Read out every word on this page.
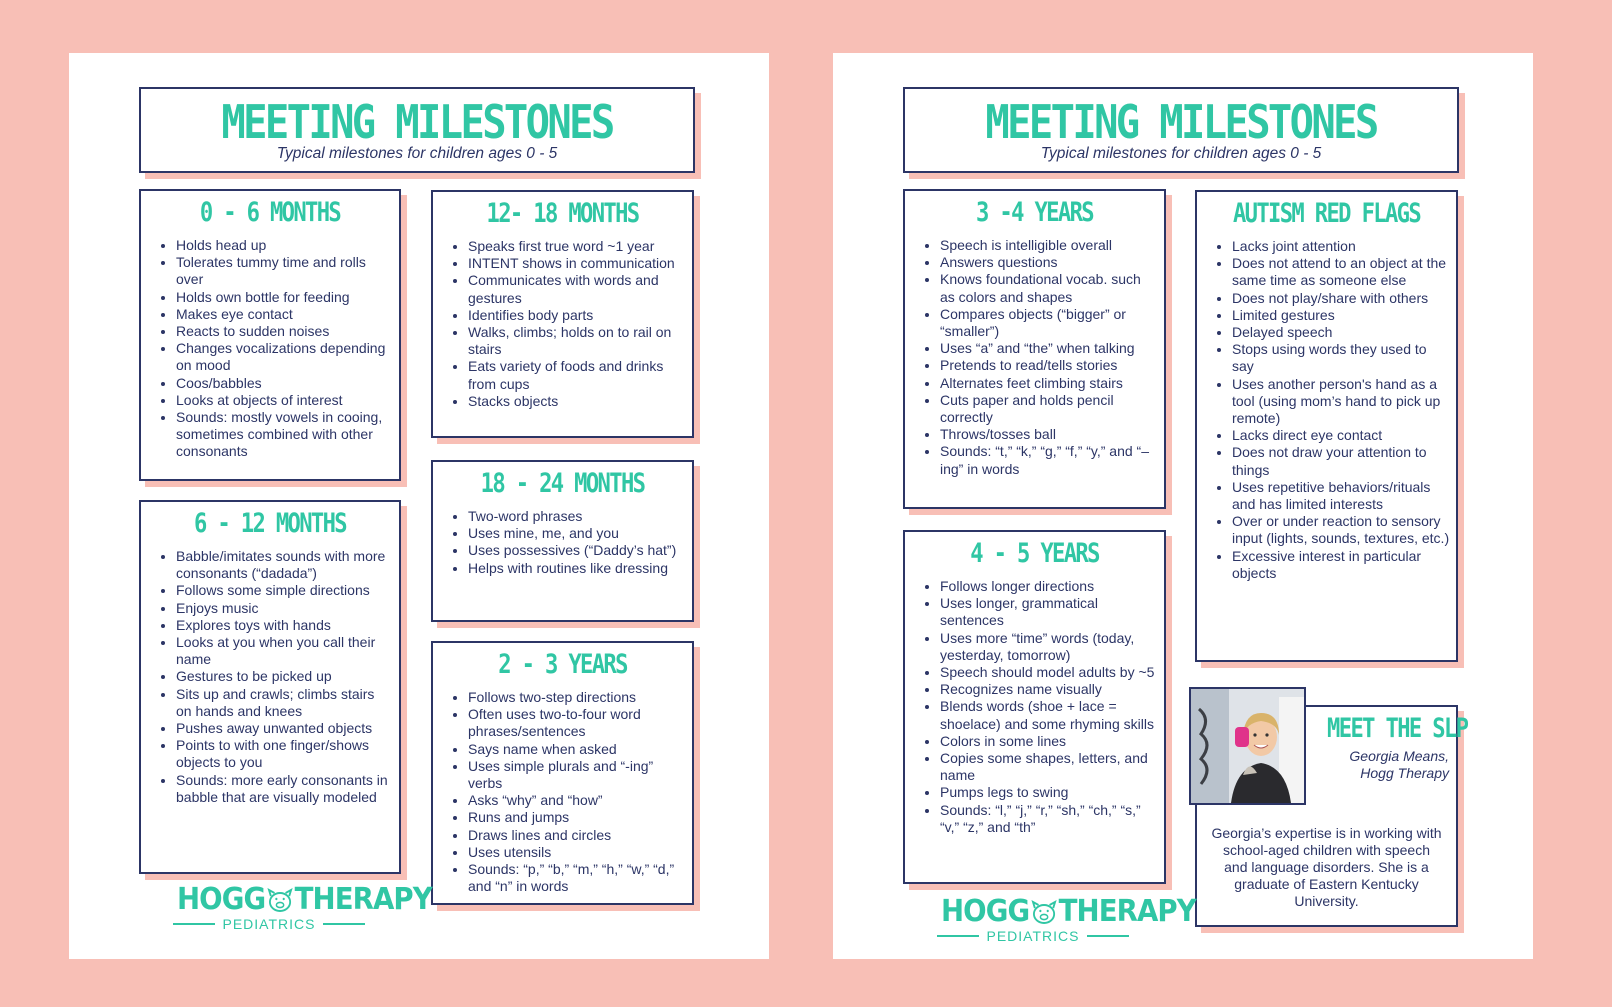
MEETING MILESTONES
Typical milestones for children ages 0 - 5
0 - 6 MONTHS
• Holds head up
• Tolerates tummy time and rolls over
• Holds own bottle for feeding
• Makes eye contact
• Reacts to sudden noises
• Changes vocalizations depending on mood
• Coos/babbles
• Looks at objects of interest
• Sounds: mostly vowels in cooing, sometimes combined with other consonants
6 - 12 MONTHS
• Babble/imitates sounds with more consonants (“dadada”)
• Follows some simple directions
• Enjoys music
• Explores toys with hands
• Looks at you when you call their name
• Gestures to be picked up
• Sits up and crawls; climbs stairs on hands and knees
• Pushes away unwanted objects
• Points to with one finger/shows objects to you
• Sounds: more early consonants in babble that are visually modeled
12- 18 MONTHS
• Speaks first true word ~1 year
• INTENT shows in communication
• Communicates with words and gestures
• Identifies body parts
• Walks, climbs; holds on to rail on stairs
• Eats variety of foods and drinks from cups
• Stacks objects
18 - 24 MONTHS
• Two-word phrases
• Uses mine, me, and you
• Uses possessives (“Daddy’s hat”)
• Helps with routines like dressing
2 - 3 YEARS
• Follows two-step directions
• Often uses two-to-four word phrases/sentences
• Says name when asked
• Uses simple plurals and “-ing” verbs
• Asks “why” and “how”
• Runs and jumps
• Draws lines and circles
• Uses utensils
• Sounds: “p,” “b,” “m,” “h,” “w,” “d,” and “n” in words
HOGG THERAPY
PEDIATRICS
MEETING MILESTONES
Typical milestones for children ages 0 - 5
3 -4 YEARS
• Speech is intelligible overall
• Answers questions
• Knows foundational vocab. such as colors and shapes
• Compares objects (“bigger” or “smaller”)
• Uses “a” and “the” when talking
• Pretends to read/tells stories
• Alternates feet climbing stairs
• Cuts paper and holds pencil correctly
• Throws/tosses ball
• Sounds: “t,” “k,” “g,” “f,” “y,” and “–ing” in words
4 - 5 YEARS
• Follows longer directions
• Uses longer, grammatical sentences
• Uses more “time” words (today, yesterday, tomorrow)
• Speech should model adults by ~5
• Recognizes name visually
• Blends words (shoe + lace = shoelace) and some rhyming skills
• Colors in some lines
• Copies some shapes, letters, and name
• Pumps legs to swing
• Sounds: “l,” “j,” “r,” “sh,” “ch,” “s,” “v,” “z,” and “th”
AUTISM RED FLAGS
• Lacks joint attention
• Does not attend to an object at the same time as someone else
• Does not play/share with others
• Limited gestures
• Delayed speech
• Stops using words they used to say
• Uses another person's hand as a tool (using mom’s hand to pick up remote)
• Lacks direct eye contact
• Does not draw your attention to things
• Uses repetitive behaviors/rituals and has limited interests
• Over or under reaction to sensory input (lights, sounds, textures, etc.)
• Excessive interest in particular objects
MEET THE SLP
Georgia Means,
Hogg Therapy
Georgia’s expertise is in working with school-aged children with speech and language disorders. She is a graduate of Eastern Kentucky University.
HOGG THERAPY
PEDIATRICS
